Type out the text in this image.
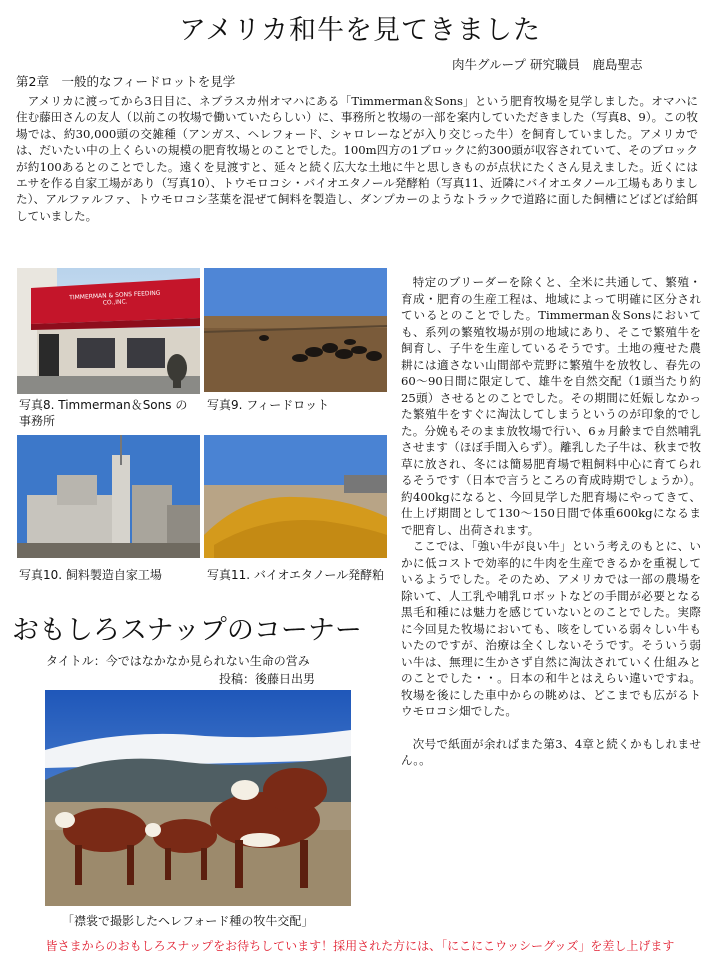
アメリカ和牛を見てきました
肉牛グループ 研究職員　鹿島聖志
第2章　一般的なフィードロットを見学

アメリカに渡ってから3日目に、ネブラスカ州オマハにある「Timmerman＆Sons」という肥育牧場を見学しました。オマハに住む藤田さんの友人（以前この牧場で働いていたらしい）に、事務所と牧場の一部を案内していただきました（写真8、9）。この牧場では、約30,000頭の交雑種（アンガス、ヘレフォード、シャロレーなどが入り交じった牛）を飼育していました。アメリカでは、だいたい中の上くらいの規模の肥育牧場とのことでした。100m四方の1ブロックに約300頭が収容されていて、そのブロックが約100あるとのことでした。遠くを見渡すと、延々と続く広大な土地に牛と思しきものが点状にたくさん見えました。近くにはエサを作る自家工場があり（写真10）、トウモロコシ・バイオエタノール発酵粕（写真11、近隣にバイオエタノール工場もありました）、アルファルファ、トウモロコシ茎葉を混ぜて飼料を製造し、ダンプカーのようなトラックで道路に面した飼槽にどばどば給餌していました。

TIMMERMAN & SONS FEEDING CO.,INC.
写真8. Timmerman＆Sons の事務所
写真9. フィードロット
写真10. 飼料製造自家工場	写真11. バイオエタノール発酵粕

特定のブリーダーを除くと、全米に共通して、繁殖・育成・肥育の生産工程は、地域によって明確に区分されているとのことでした。Timmerman＆Sonsにおいても、系列の繁殖牧場が別の地域にあり、そこで繁殖牛を飼育し、子牛を生産しているそうです。土地の痩せた農耕には適さない山間部や荒野に繁殖牛を放牧し、春先の60～90日間に限定して、雄牛を自然交配（1頭当たり約25頭）させるとのことでした。その期間に妊娠しなかった繁殖牛をすぐに淘汰してしまうというのが印象的でした。分娩もそのまま放牧場で行い、6ヵ月齢まで自然哺乳させます（ほぼ手間入らず）。離乳した子牛は、秋まで牧草に放され、冬には簡易肥育場で粗飼料中心に育てられるそうです（日本で言うところの育成時期でしょうか）。約400kgになると、今回見学した肥育場にやってきて、仕上げ期間として130～150日間で体重600kgになるまで肥育し、出荷されます。

ここでは、「強い牛が良い牛」という考えのもとに、いかに低コストで効率的に牛肉を生産できるかを重視しているようでした。そのため、アメリカでは一部の農場を除いて、人工乳や哺乳ロボットなどの手間が必要となる黒毛和種には魅力を感じていないとのことでした。実際に今回見た牧場においても、咳をしている弱々しい牛もいたのですが、治療は全くしないそうです。そういう弱い牛は、無理に生かさず自然に淘汰されていく仕組みとのことでした・・。日本の和牛とはえらい違いですね。牧場を後にした車中からの眺めは、どこまでも広がるトウモロコシ畑でした。

次号で紙面が余ればまた第3、4章と続くかもしれません。。

おもしろスナップのコーナー
タイトル：今ではなかなか見られない生命の営み
投稿：後藤日出男
「襟裳で撮影したヘレフォード種の牧牛交配」
皆さまからのおもしろスナップをお待ちしています！採用された方には、「にこにこウッシーグッズ」を差し上げます
